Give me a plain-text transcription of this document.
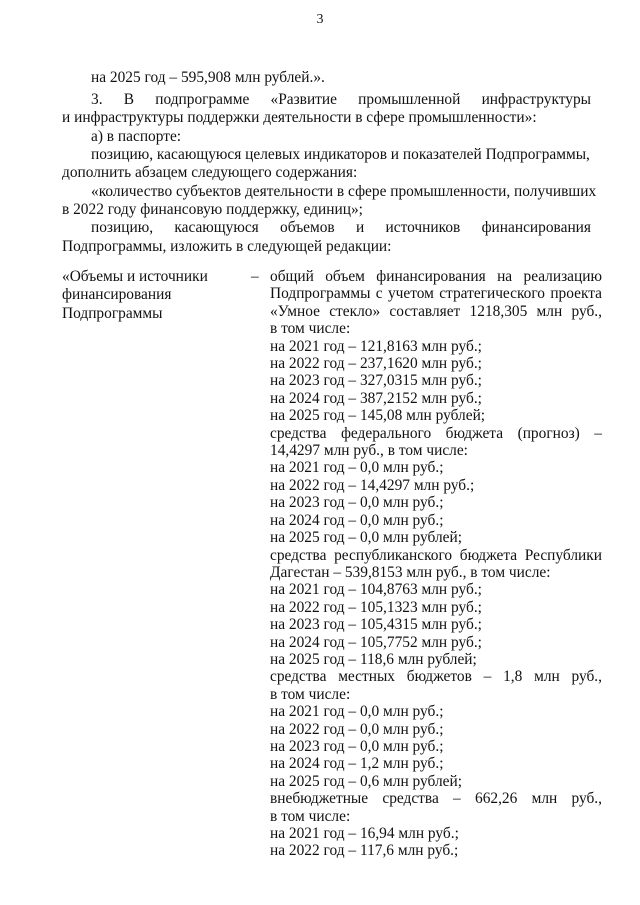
3
на 2025 год – 595,908 млн рублей.».
3. В подпрограмме «Развитие промышленной инфраструктуры
и инфраструктуры поддержки деятельности в сфере промышленности»:
а) в паспорте:
позицию, касающуюся целевых индикаторов и показателей Подпрограммы,
дополнить абзацем следующего содержания:
«количество субъектов деятельности в сфере промышленности, получивших
в 2022 году финансовую поддержку, единиц»;
позицию, касающуюся объемов и источников финансирования
Подпрограммы, изложить в следующей редакции:
«Объемы и источники
финансирования
Подпрограммы
– общий объем финансирования на реализацию
Подпрограммы с учетом стратегического проекта
«Умное стекло» составляет 1218,305 млн руб.,
в том числе:
на 2021 год – 121,8163 млн руб.;
на 2022 год – 237,1620 млн руб.;
на 2023 год – 327,0315 млн руб.;
на 2024 год – 387,2152 млн руб.;
на 2025 год – 145,08 млн рублей;
средства федерального бюджета (прогноз) –
14,4297 млн руб., в том числе:
на 2021 год – 0,0 млн руб.;
на 2022 год – 14,4297 млн руб.;
на 2023 год – 0,0 млн руб.;
на 2024 год – 0,0 млн руб.;
на 2025 год – 0,0 млн рублей;
средства республиканского бюджета Республики
Дагестан – 539,8153 млн руб., в том числе:
на 2021 год – 104,8763 млн руб.;
на 2022 год – 105,1323 млн руб.;
на 2023 год – 105,4315 млн руб.;
на 2024 год – 105,7752 млн руб.;
на 2025 год – 118,6 млн рублей;
средства местных бюджетов – 1,8 млн руб.,
в том числе:
на 2021 год – 0,0 млн руб.;
на 2022 год – 0,0 млн руб.;
на 2023 год – 0,0 млн руб.;
на 2024 год – 1,2 млн руб.;
на 2025 год – 0,6 млн рублей;
внебюджетные средства – 662,26 млн руб.,
в том числе:
на 2021 год – 16,94 млн руб.;
на 2022 год – 117,6 млн руб.;
